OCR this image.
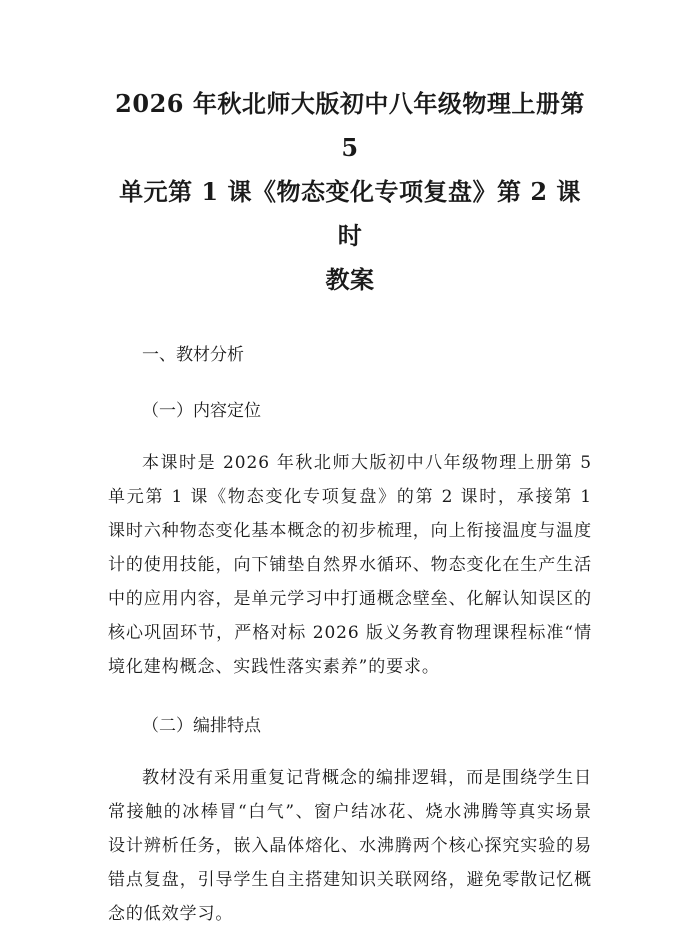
2026 年秋北师大版初中八年级物理上册第 5
单元第 1 课《物态变化专项复盘》第 2 课时
教案

一、教材分析

（一）内容定位

本课时是 2026 年秋北师大版初中八年级物理上册第 5 单元第 1 课《物态变化专项复盘》的第 2 课时，承接第 1 课时六种物态变化基本概念的初步梳理，向上衔接温度与温度计的使用技能，向下铺垫自然界水循环、物态变化在生产生活中的应用内容，是单元学习中打通概念壁垒、化解认知误区的核心巩固环节，严格对标 2026 版义务教育物理课程标准“情境化建构概念、实践性落实素养”的要求。

（二）编排特点

教材没有采用重复记背概念的编排逻辑，而是围绕学生日常接触的冰棒冒“白气”、窗户结冰花、烧水沸腾等真实场景设计辨析任务，嵌入晶体熔化、水沸腾两个核心探究实验的易错点复盘，引导学生自主搭建知识关联网络，避免零散记忆概念的低效学习。
